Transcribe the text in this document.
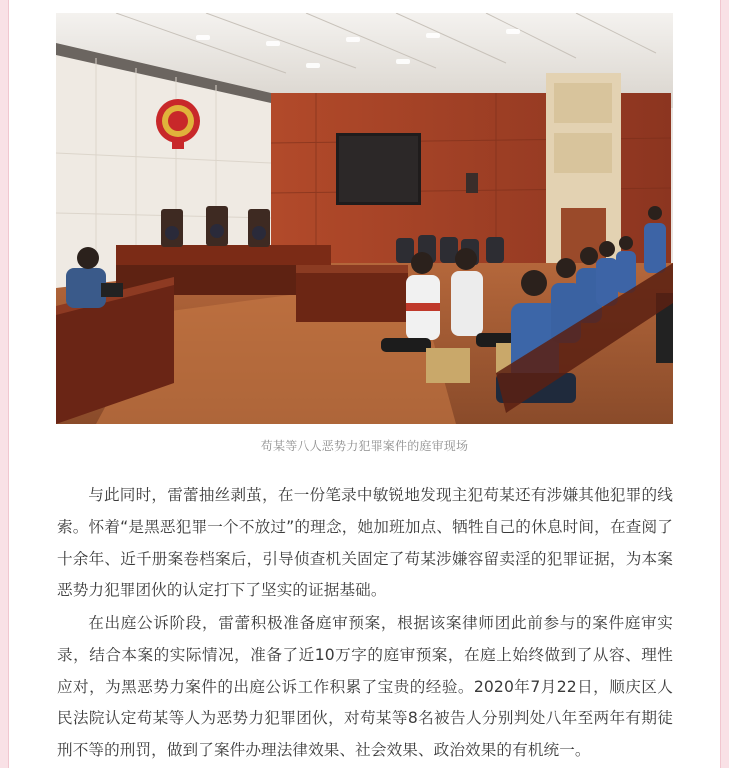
苟某等八人恶势力犯罪案件的庭审现场

与此同时，雷蕾抽丝剥茧，在一份笔录中敏锐地发现主犯苟某还有涉嫌其他犯罪的线索。怀着“是黑恶犯罪一个不放过”的理念，她加班加点、牺牲自己的休息时间，在查阅了十余年、近千册案卷档案后，引导侦查机关固定了苟某涉嫌容留卖淫的犯罪证据，为本案恶势力犯罪团伙的认定打下了坚实的证据基础。

在出庭公诉阶段，雷蕾积极准备庭审预案，根据该案律师团此前参与的案件庭审实录，结合本案的实际情况，准备了近10万字的庭审预案，在庭上始终做到了从容、理性应对，为黑恶势力案件的出庭公诉工作积累了宝贵的经验。2020年7月22日，顺庆区人民法院认定苟某等人为恶势力犯罪团伙，对苟某等8名被告人分别判处八年至两年有期徒刑不等的刑罚，做到了案件办理法律效果、社会效果、政治效果的有机统一。
